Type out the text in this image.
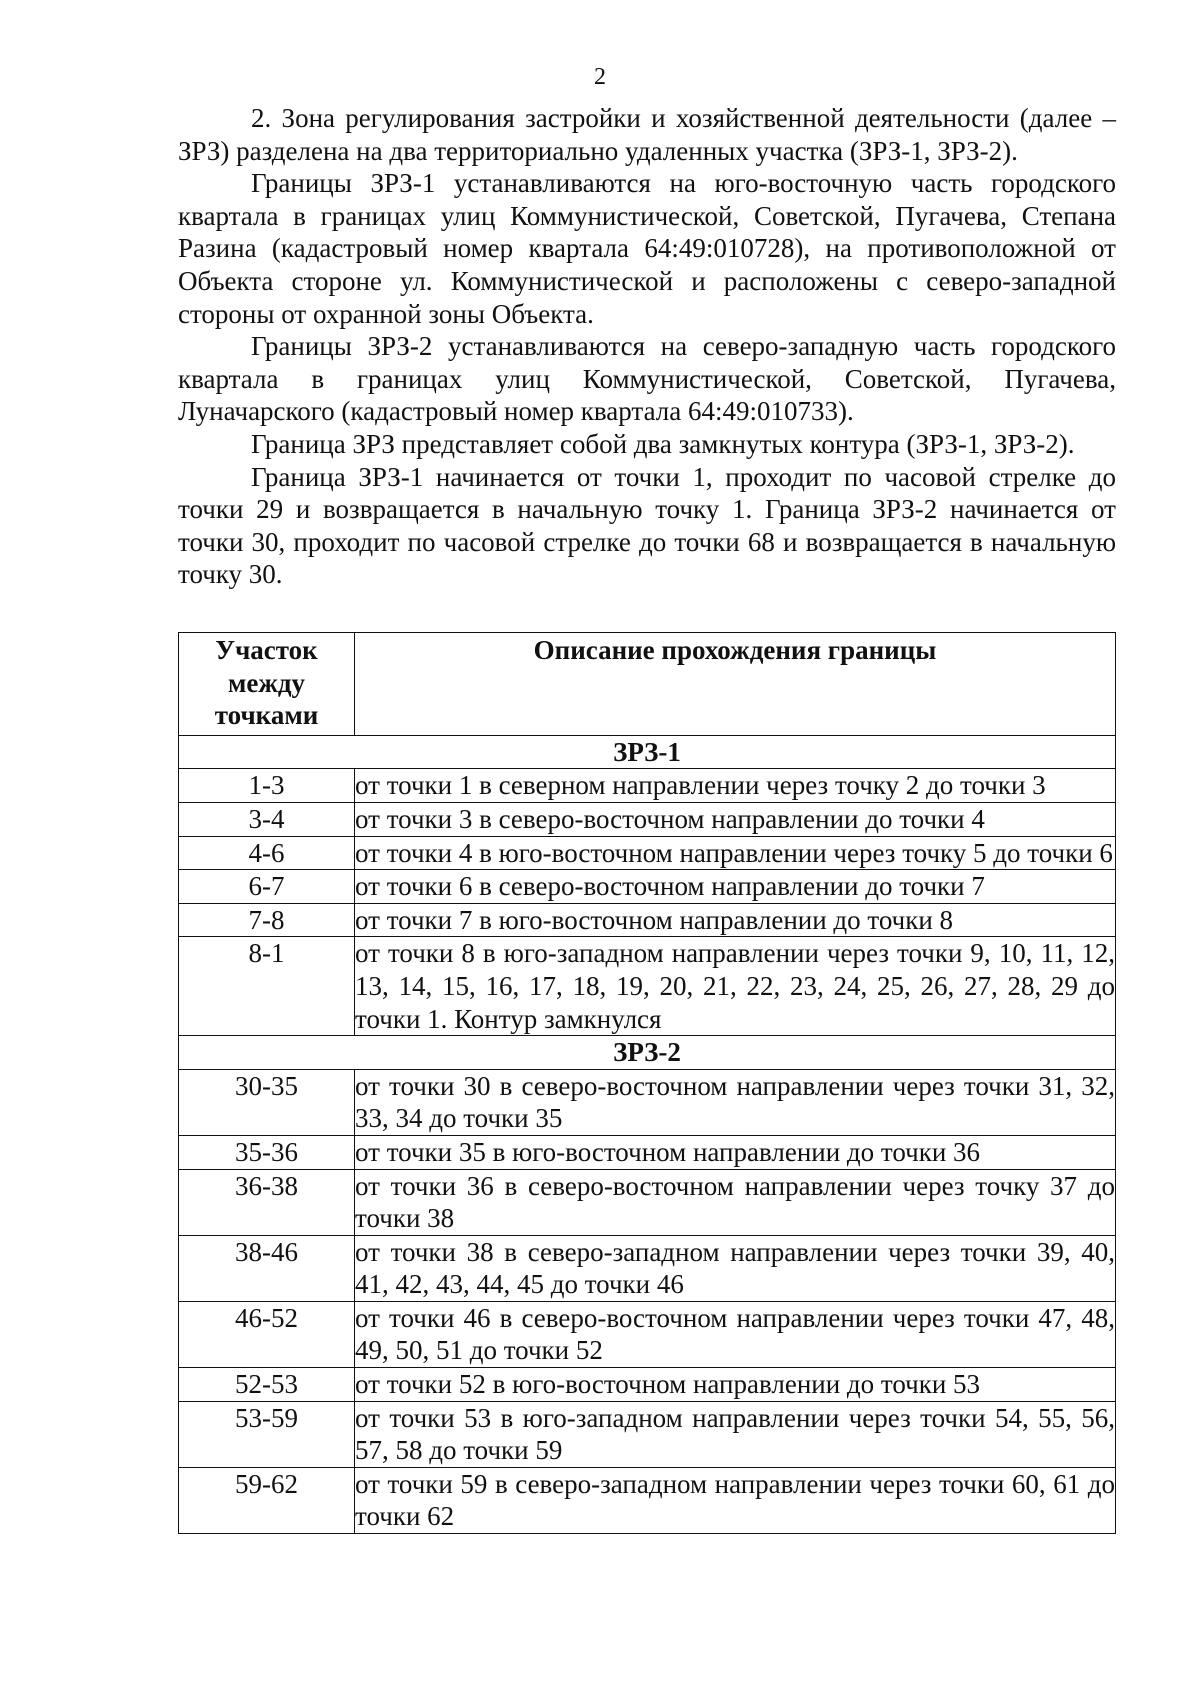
2

2. Зона регулирования застройки и хозяйственной деятельности (далее – ЗРЗ) разделена на два территориально удаленных участка (ЗРЗ-1, ЗРЗ-2).

Границы ЗРЗ-1 устанавливаются на юго-восточную часть городского квартала в границах улиц Коммунистической, Советской, Пугачева, Степана Разина (кадастровый номер квартала 64:49:010728), на противоположной от Объекта стороне ул. Коммунистической и расположены с северо-западной стороны от охранной зоны Объекта.

Границы ЗРЗ-2 устанавливаются на северо-западную часть городского квартала в границах улиц Коммунистической, Советской, Пугачева, Луначарского (кадастровый номер квартала 64:49:010733).

Граница ЗРЗ представляет собой два замкнутых контура (ЗРЗ-1, ЗРЗ-2).

Граница ЗРЗ-1 начинается от точки 1, проходит по часовой стрелке до точки 29 и возвращается в начальную точку 1. Граница ЗРЗ-2 начинается от точки 30, проходит по часовой стрелке до точки 68 и возвращается в начальную точку 30.

Участок между точками	Описание прохождения границы
ЗРЗ-1	
1-3	от точки 1 в северном направлении через точку 2 до точки 3
3-4	от точки 3 в северо-восточном направлении до точки 4
4-6	от точки 4 в юго-восточном направлении через точку 5 до точки 6
6-7	от точки 6 в северо-восточном направлении до точки 7
7-8	от точки 7 в юго-восточном направлении до точки 8
8-1	от точки 8 в юго-западном направлении через точки 9, 10, 11, 12, 13, 14, 15, 16, 17, 18, 19, 20, 21, 22, 23, 24, 25, 26, 27, 28, 29 до точки 1. Контур замкнулся
ЗРЗ-2	
30-35	от точки 30 в северо-восточном направлении через точки 31, 32, 33, 34 до точки 35
35-36	от точки 35 в юго-восточном направлении до точки 36
36-38	от точки 36 в северо-восточном направлении через точку 37 до точки 38
38-46	от точки 38 в северо-западном направлении через точки 39, 40, 41, 42, 43, 44, 45 до точки 46
46-52	от точки 46 в северо-восточном направлении через точки 47, 48, 49, 50, 51 до точки 52
52-53	от точки 52 в юго-восточном направлении до точки 53
53-59	от точки 53 в юго-западном направлении через точки 54, 55, 56, 57, 58 до точки 59
59-62	от точки 59 в северо-западном направлении через точки 60, 61 до точки 62
